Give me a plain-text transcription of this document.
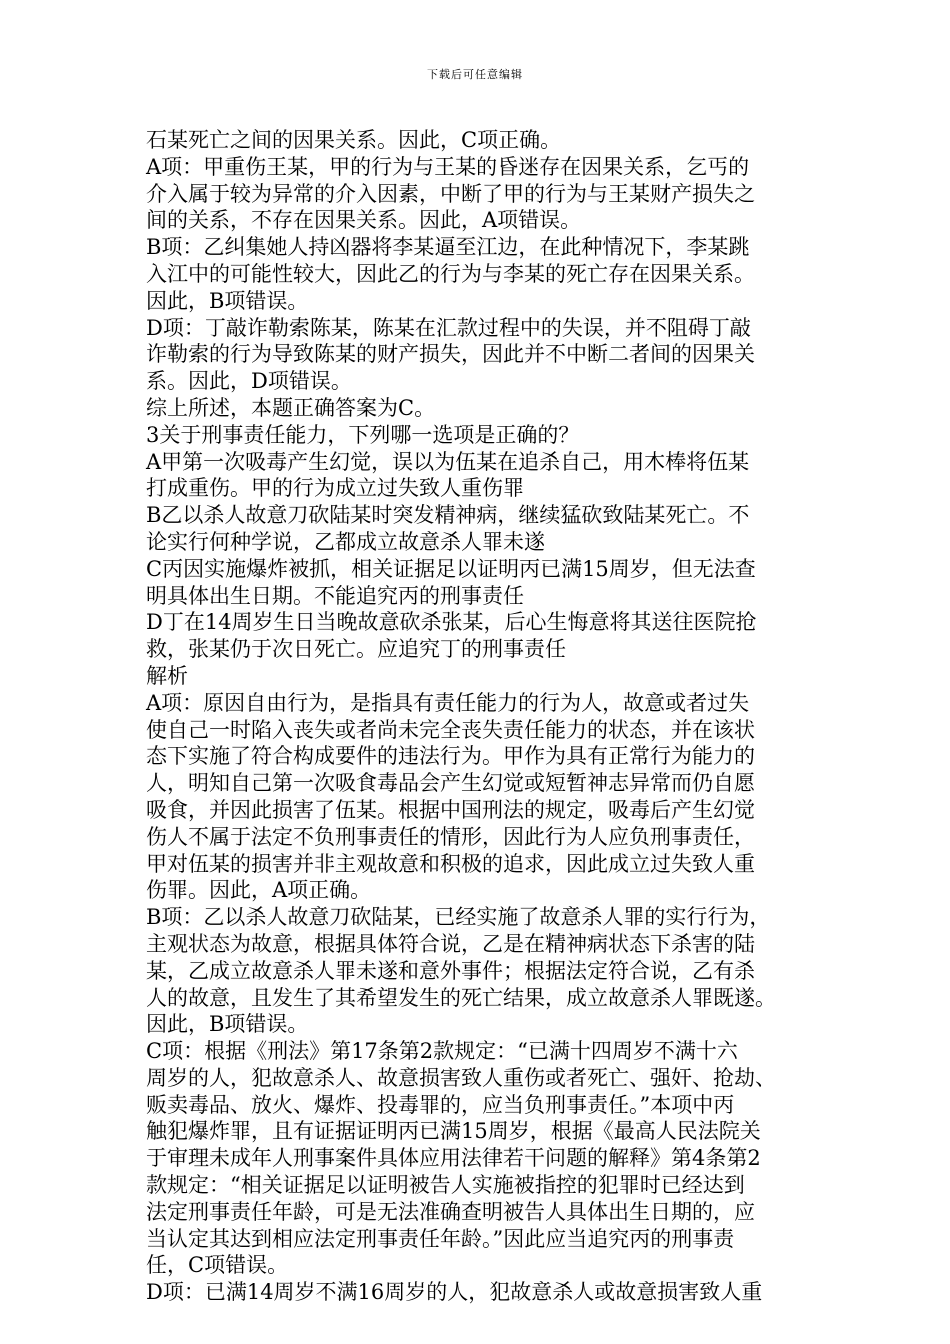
下载后可任意编辑
石某死亡之间的因果关系。因此，C项正确。
A项：甲重伤王某，甲的行为与王某的昏迷存在因果关系，乞丐的
介入属于较为异常的介入因素，中断了甲的行为与王某财产损失之
间的关系，不存在因果关系。因此，A项错误。
B项：乙纠集她人持凶器将李某逼至江边，在此种情况下，李某跳
入江中的可能性较大，因此乙的行为与李某的死亡存在因果关系。
因此，B项错误。
D项：丁敲诈勒索陈某，陈某在汇款过程中的失误，并不阻碍丁敲
诈勒索的行为导致陈某的财产损失，因此并不中断二者间的因果关
系。因此，D项错误。
综上所述，本题正确答案为C。
3关于刑事责任能力，下列哪一选项是正确的？
A甲第一次吸毒产生幻觉，误以为伍某在追杀自己，用木棒将伍某
打成重伤。甲的行为成立过失致人重伤罪
B乙以杀人故意刀砍陆某时突发精神病，继续猛砍致陆某死亡。不
论实行何种学说，乙都成立故意杀人罪未遂
C丙因实施爆炸被抓，相关证据足以证明丙已满15周岁，但无法查
明具体出生日期。不能追究丙的刑事责任
D丁在14周岁生日当晚故意砍杀张某，后心生悔意将其送往医院抢
救，张某仍于次日死亡。应追究丁的刑事责任
解析
A项：原因自由行为，是指具有责任能力的行为人，故意或者过失
使自己一时陷入丧失或者尚未完全丧失责任能力的状态，并在该状
态下实施了符合构成要件的违法行为。甲作为具有正常行为能力的
人，明知自己第一次吸食毒品会产生幻觉或短暂神志异常而仍自愿
吸食，并因此损害了伍某。根据中国刑法的规定，吸毒后产生幻觉
伤人不属于法定不负刑事责任的情形，因此行为人应负刑事责任，
甲对伍某的损害并非主观故意和积极的追求，因此成立过失致人重
伤罪。因此，A项正确。
B项：乙以杀人故意刀砍陆某，已经实施了故意杀人罪的实行行为，
主观状态为故意，根据具体符合说，乙是在精神病状态下杀害的陆
某，乙成立故意杀人罪未遂和意外事件；根据法定符合说，乙有杀
人的故意，且发生了其希望发生的死亡结果，成立故意杀人罪既遂。
因此，B项错误。
C项：根据《刑法》第17条第2款规定：“已满十四周岁不满十六
周岁的人，犯故意杀人、故意损害致人重伤或者死亡、强奸、抢劫、
贩卖毒品、放火、爆炸、投毒罪的，应当负刑事责任。”本项中丙
触犯爆炸罪，且有证据证明丙已满15周岁，根据《最高人民法院关
于审理未成年人刑事案件具体应用法律若干问题的解释》第4条第2
款规定：“相关证据足以证明被告人实施被指控的犯罪时已经达到
法定刑事责任年龄，可是无法准确查明被告人具体出生日期的，应
当认定其达到相应法定刑事责任年龄。”因此应当追究丙的刑事责
任，C项错误。
D项：已满14周岁不满16周岁的人，犯故意杀人或故意损害致人重
